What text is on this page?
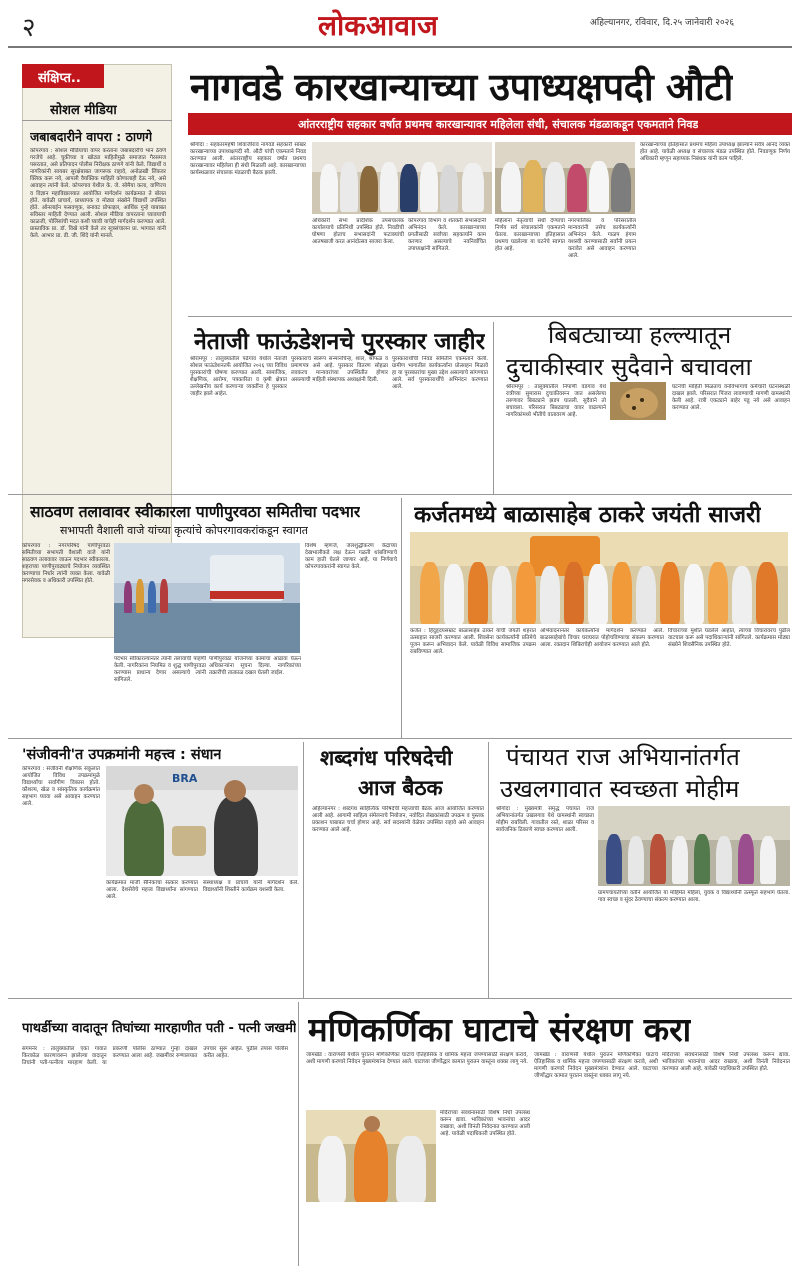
२	लोकआवाज	अहिल्यानगर, रविवार, दि.२५ जानेवारी २०२६
संक्षिप्त..
सोशल मीडिया
जबाबदारीने वापरा : ठाणगे
कोपरगाव : सोशल मीडियाचा वापर करताना जबाबदारीचे भान ठेवणे गरजेचे आहे. चुकीच्या व खोट्या माहितीमुळे समाजात गैरसमज पसरतात, असे प्रतिपादन पोलीस निरीक्षक ठाणगे यांनी केले. विद्यार्थी व नागरिकांनी सायबर सुरक्षेबाबत जागरूक राहावे, अनोळखी लिंकवर क्लिक करू नये, आपली वैयक्तिक माहिती कोणालाही देऊ नये, असे आवाहन त्यांनी केले. कोपरगाव येथील के. जे. सोमैया कला, वाणिज्य व विज्ञान महाविद्यालयात आयोजित मार्गदर्शन कार्यक्रमात ते बोलत होते. यावेळी प्राचार्य, प्राध्यापक व मोठ्या संख्येने विद्यार्थी उपस्थित होते. ऑनलाईन फसवणूक, बनावट प्रोफाइल, आर्थिक गुन्हे याबाबत सविस्तर माहिती देण्यात आली. सोशल मीडिया वापरताना घ्यावयाची काळजी, पोलिसांची मदत कशी घ्यावी याचेही मार्गदर्शन करण्यात आले. प्रास्ताविक प्रा. डॉ. विखे यांनी केले तर सूत्रसंचालन प्रा. भागवत यांनी केले. आभार प्रा. डी. जी. शिंदे यांनी मानले.
नागवडे कारखान्याच्या उपाध्यक्षपदी औटी
आंतरराष्ट्रीय सहकार वर्षात प्रथमच कारखान्यावर महिलेला संधी, संचालक मंडळाकडून एकमताने निवड
श्रीगोंदा : सहकारमहर्षी शिवाजीराव नागवडे सहकारी साखर कारखान्याच्या उपाध्यक्षपदी सौ. औटी यांची एकमताने निवड करण्यात आली. आंतरराष्ट्रीय सहकार वर्षात प्रथमच कारखान्यावर महिलेला ही संधी मिळाली आहे. कारखान्याच्या कार्यस्थळावर संचालक मंडळाची बैठक झाली.
कारखान्याच्या इतिहासात प्रथमच महिला उपाध्यक्ष झाल्याने सर्वत्र आनंद व्यक्त होत आहे. यावेळी अध्यक्ष व संचालक मंडळ उपस्थित होते. निवडणूक निर्णय अधिकारी म्हणून सहाय्यक निबंधक यांनी काम पाहिले.
अधिकारी सभा प्रादेशिक उपसंचालक कार्यालयाचे प्रतिनिधी उपस्थित होते. निवडीची घोषणा होताच सभासदांनी फटाक्यांची आतषबाजी करत आनंदोत्सव साजरा केला.
कोपरगाव विभाग व शेतकरी सभासदांनी अभिनंदन केले. कारखान्याच्या प्रगतीसाठी सर्वांच्या सहकार्याने काम करणार असल्याचे नवनिर्वाचित उपाध्यक्षांनी सांगितले.
महिलांना नेतृत्वाची संधी देण्याचा निर्णय सर्व संचालकांनी एकमताने घेतला. कारखान्याच्या इतिहासात प्रथमच घडलेल्या या घटनेचे स्वागत होत आहे.
नगरपालिका व परिसरातील मान्यवरांनी तसेच कार्यकर्त्यांनी अभिनंदन केले. गाळप हंगाम यशस्वी करण्यासाठी सर्वांनी प्रयत्न करावेत असे आवाहन करण्यात आले.
नेताजी फाऊंडेशनचे पुरस्कार जाहीर
श्रीरामपूर : तालुक्यातील पढेगाव येथील नेताजी सोशल फाऊंडेशनतर्फे आयोजित २०२६ च्या विविध पुरस्कारांची घोषणा करण्यात आली. सामाजिक, शैक्षणिक, आरोग्य, पत्रकारिता व कृषी क्षेत्रात उल्लेखनीय कार्य करणाऱ्या व्यक्तींना हे पुरस्कार जाहीर झाले आहेत.
पुरस्काराचे स्वरूप सन्मानचिन्ह, शाल, श्रीफळ व प्रमाणपत्र असे आहे. पुरस्कार वितरण सोहळा लवकरच मान्यवरांच्या उपस्थितीत होणार असल्याची माहिती संस्थापक अध्यक्षांनी दिली.
पुरस्कारार्थींची निवड समितीने एकमताने केली. ग्रामीण भागातील कार्यकर्त्यांना प्रोत्साहन मिळावे हा या पुरस्कारांचा मुख्य उद्देश असल्याचे सांगण्यात आले. सर्व पुरस्कारार्थींचे अभिनंदन करण्यात आले.
बिबट्याच्या हल्ल्यातून
दुचाकीस्वार सुदैवाने बचावला
श्रीरामपूर : तालुक्यातील निपाणी वडगाव येथे रात्रीच्या सुमारास दुचाकीवरून जात असलेल्या तरुणावर बिबट्याने झडप घातली. सुदैवाने तो बचावला. परिसरात बिबट्याचा वावर वाढल्याने नागरिकांमध्ये भीतीचे वातावरण आहे.
घटनेची माहिती मिळताच वनविभागाचे कर्मचारी घटनास्थळी दाखल झाले. परिसरात पिंजरा लावण्याची मागणी ग्रामस्थांनी केली आहे. रात्री एकट्याने बाहेर पडू नये असे आवाहन करण्यात आले.
साठवण तलावावर स्वीकारला पाणीपुरवठा समितीचा पदभार
सभापती वैशाली वाजे यांच्या कृत्यांचे कोपरगावकरांकडून स्वागत
कोपरगाव : नगरपरिषद पाणीपुरवठा समितीच्या सभापती वैशाली वाजे यांनी साठवण तलावावर जाऊन पदभार स्वीकारला. शहराच्या पाणीपुरवठ्याचे नियोजन व्यवस्थित करण्याचा निर्धार त्यांनी व्यक्त केला. यावेळी नगरसेवक व अधिकारी उपस्थित होते.
पदभार स्वीकारल्यानंतर त्यांनी तलावाची पाहणी केली. नागरिकांना नियमित व शुद्ध पाणीपुरवठा करण्यास प्राधान्य देणार असल्याचे त्यांनी सांगितले.
पाणीपुरवठा योजनेच्या कामांचा आढावा घेऊन अधिकाऱ्यांना सूचना दिल्या. नागरिकांच्या तक्रारींची तात्काळ दखल घेतली जाईल.
विशेष म्हणजे, जलशुद्धीकरण केंद्राच्या देखभालीकडे लक्ष देऊन गळती थांबविण्याचे काम हाती घेतले जाणार आहे. या निर्णयाचे कोपरगावकरांनी स्वागत केले.
कर्जतमध्ये बाळासाहेब ठाकरे जयंती साजरी
कर्जत : हिंदुहृदयसम्राट बाळासाहेब ठाकरे यांची जयंती शहरात उत्साहात साजरी करण्यात आली. शिवसेना कार्यकर्त्यांनी प्रतिमेचे पूजन करून अभिवादन केले. यावेळी विविध सामाजिक उपक्रम राबविण्यात आले.
अभिवादनानंतर कार्यकर्त्यांना मार्गदर्शन करण्यात आले. बाळासाहेबांचे विचार घराघरात पोहोचविण्याचा संकल्प करण्यात आला. रक्तदान शिबिराचेही आयोजन करण्यात आले होते.
विचारांच्या मुशीत घडलेले आहोत, त्यांच्या विचारांवरच पुढील वाटचाल करू असे पदाधिकाऱ्यांनी सांगितले. कार्यक्रमास मोठ्या संख्येने शिवसैनिक उपस्थित होते.
'संजीवनी'त उपक्रमांनी महत्त्व : संधान
कोपरगाव : संजीवनी शैक्षणिक संकुलात आयोजित विविध उपक्रमांमुळे विद्यार्थ्यांचा सर्वांगीण विकास होतो. कौशल्य, खेळ व सांस्कृतिक कार्यक्रमांत सहभाग घ्यावा असे आवाहन करण्यात आले.
BRA
कार्यक्रमात माजी सैनिकांचा सत्कार करण्यात आला. देशसेवेचे महत्त्व विद्यार्थ्यांना सांगण्यात आले.
संस्थाध्यक्ष व प्राचार्य यांनी मार्गदर्शन केले. विद्यार्थ्यांनी शिस्तीने कार्यक्रम यशस्वी केला.
शब्दगंध परिषदेची
आज बैठक
अहिल्यानगर : शब्दगंध साहित्यिक परिषदेची महत्त्वाची बैठक आज आयोजित करण्यात आली आहे. आगामी साहित्य संमेलनाचे नियोजन, नवोदित लेखकांसाठी उपक्रम व पुस्तक प्रकाशन याबाबत चर्चा होणार आहे. सर्व सदस्यांनी वेळेवर उपस्थित राहावे असे आवाहन करण्यात आले आहे.
पंचायत राज अभियानांतर्गत
उखलगावात स्वच्छता मोहीम
श्रीगोंदा : मुख्यमंत्री समृद्ध पंचायत राज अभियानांतर्गत उखलगाव येथे ग्रामस्थांनी स्वच्छता मोहीम राबविली. गावातील रस्ते, शाळा परिसर व सार्वजनिक ठिकाणे स्वच्छ करण्यात आली.
ग्रामपंचायतीच्या वतीने आयोजित या मोहिमेत महिला, युवक व विद्यार्थ्यांनी उत्स्फूर्त सहभाग घेतला. गाव स्वच्छ व सुंदर ठेवण्याचा संकल्प करण्यात आला.
पाथर्डीच्या वादातून तिघांच्या मारहाणीत पती - पत्नी जखमी
संगमनेर : तालुक्यातील एका गावात किरकोळ कारणावरून झालेल्या वादातून तिघांनी पती-पत्नीला मारहाण केली. या प्रकरणी पोलीस ठाण्यात गुन्हा दाखल करण्यात आला आहे. जखमींवर रुग्णालयात उपचार सुरू आहेत. पुढील तपास पोलीस करीत आहेत.
मणिकर्णिका घाटाचे संरक्षण करा
जामखेड : वाराणसी येथील पुरातन मणिकर्णिका घाटाचे ऐतिहासिक व धार्मिक महत्त्व जपण्यासाठी संरक्षण करावे, अशी मागणी करणारे निवेदन मुख्यमंत्र्यांना देण्यात आले. घाटाच्या जीर्णोद्धार कामात पुरातन वास्तूंना धक्का लागू नये.
मंदिरांच्या संवर्धनासाठी विशेष निधी उपलब्ध करून द्यावा. भाविकांच्या भावनांचा आदर राखावा, अशी विनंती निवेदनात करण्यात आली आहे. यावेळी पदाधिकारी उपस्थित होते.
जामखेड : वाराणसी येथील पुरातन मणिकर्णिका घाटाचे ऐतिहासिक व धार्मिक महत्त्व जपण्यासाठी संरक्षण करावे, अशी मागणी करणारे निवेदन मुख्यमंत्र्यांना देण्यात आले. घाटाच्या जीर्णोद्धार कामात पुरातन वास्तूंना धक्का लागू नये.
मंदिरांच्या संवर्धनासाठी विशेष निधी उपलब्ध करून द्यावा. भाविकांच्या भावनांचा आदर राखावा, अशी विनंती निवेदनात करण्यात आली आहे. यावेळी पदाधिकारी उपस्थित होते.
